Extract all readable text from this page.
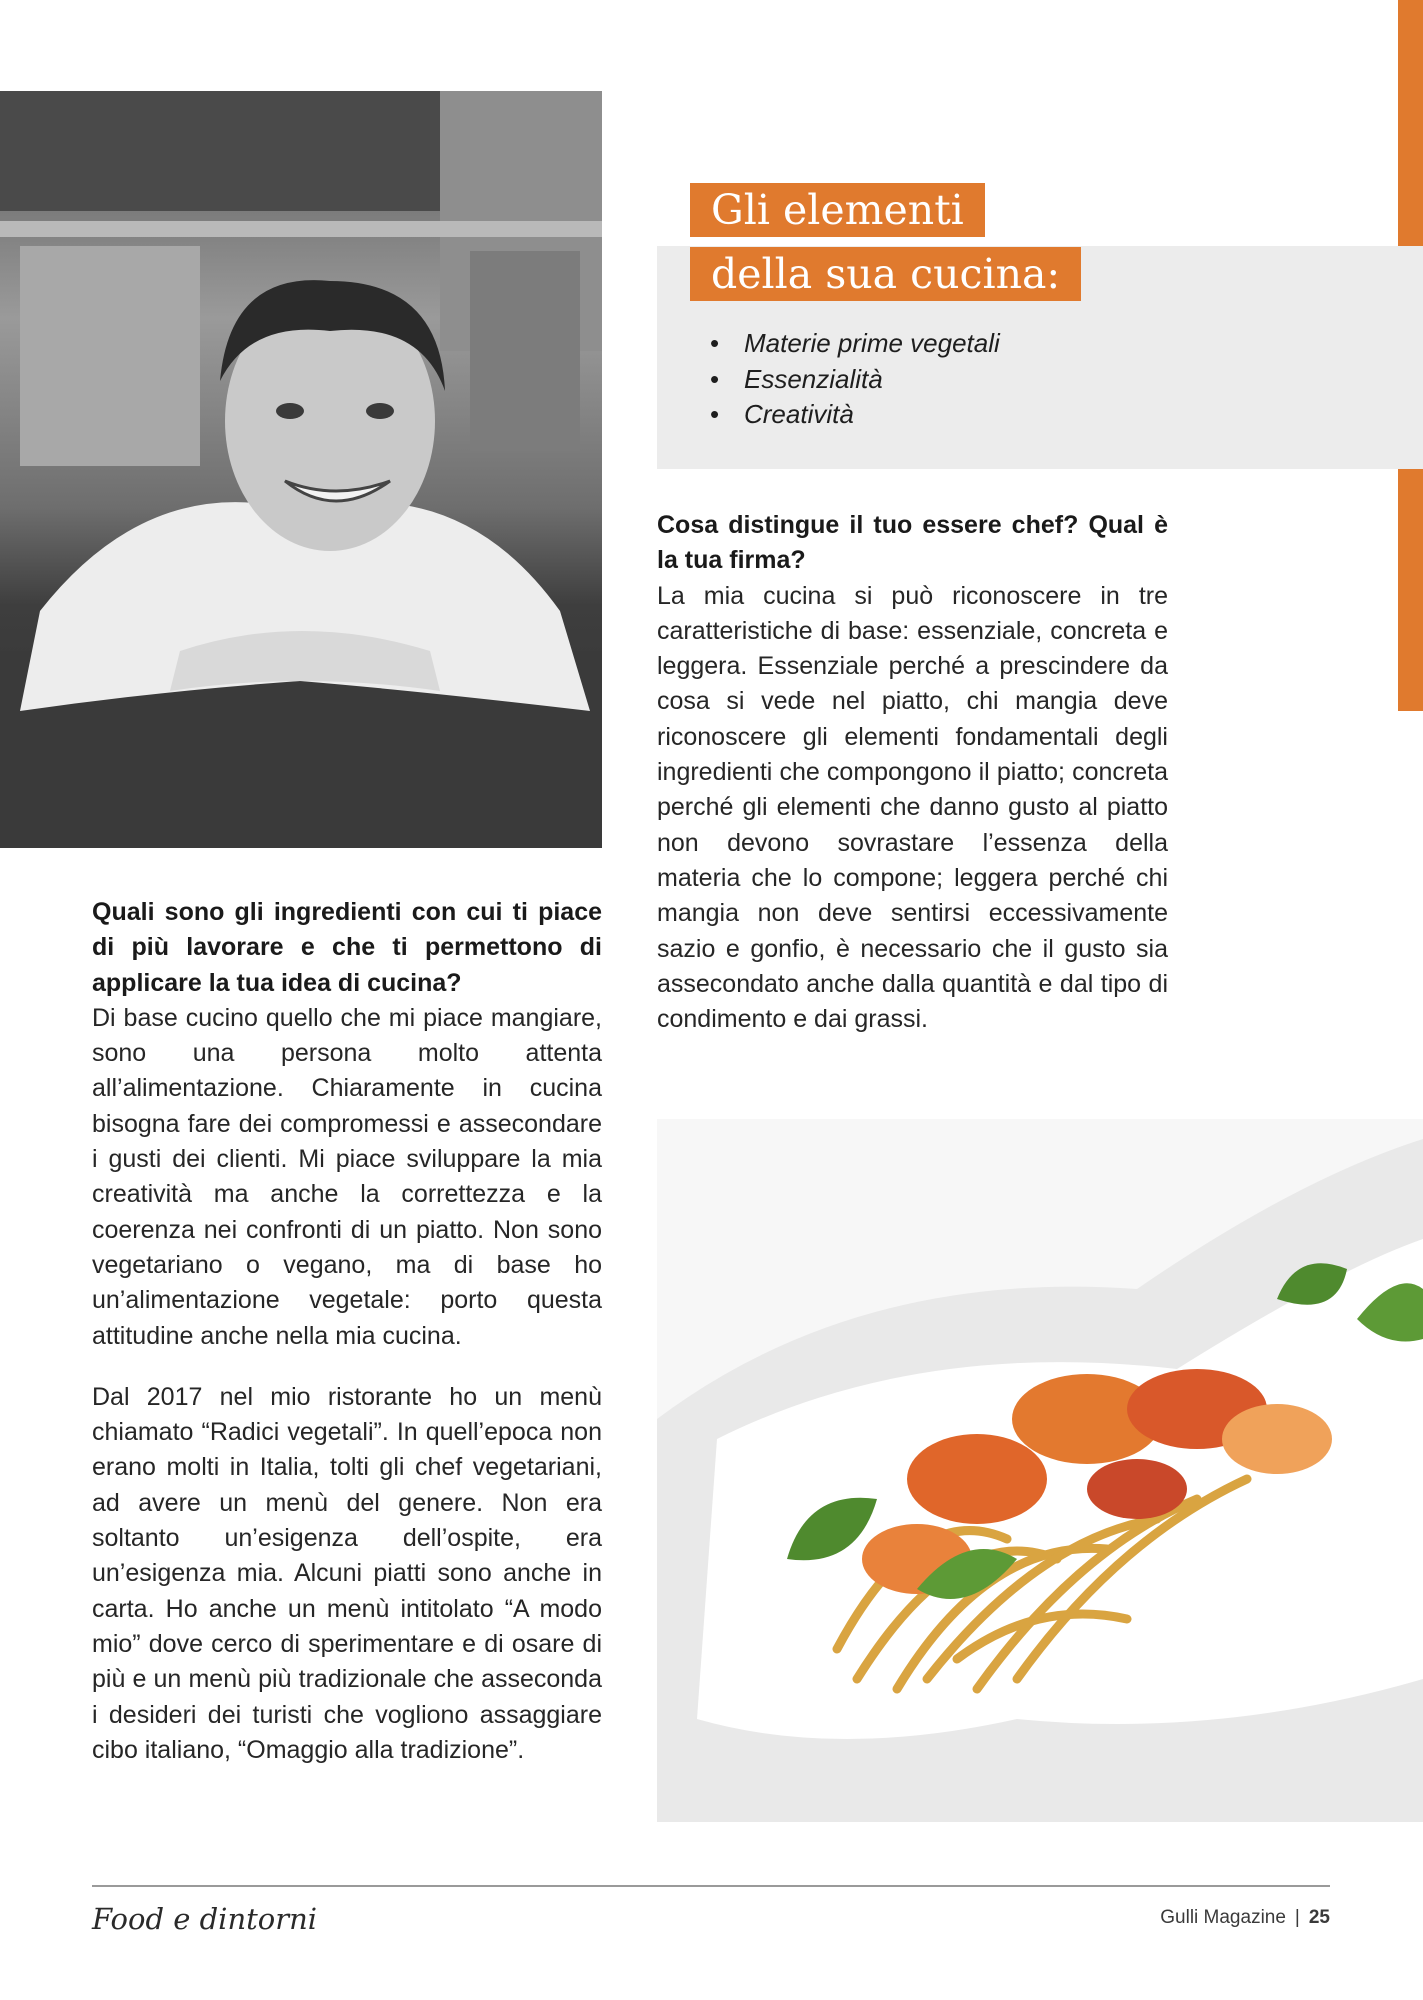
Gli elementi
della sua cucina:
• Materie prime vegetali
• Essenzialità
• Creatività
Cosa distingue il tuo essere chef? Qual è la tua firma?

La mia cucina si può riconoscere in tre caratteristiche di base: essenziale, concreta e leggera. Essenziale perché a prescindere da cosa si vede nel piatto, chi mangia deve riconoscere gli elementi fondamentali degli ingredienti che compongono il piatto; concreta perché gli elementi che danno gusto al piatto non devono sovrastare l’essenza della materia che lo compone; leggera perché chi mangia non deve sentirsi eccessivamente sazio e gonfio, è necessario che il gusto sia assecondato anche dalla quantità e dal tipo di condimento e dai grassi.

Quali sono gli ingredienti con cui ti piace di più lavorare e che ti permettono di applicare la tua idea di cucina?

Di base cucino quello che mi piace mangiare, sono una persona molto attenta all’alimentazione. Chiaramente in cucina bisogna fare dei compromessi e assecondare i gusti dei clienti. Mi piace sviluppare la mia creatività ma anche la correttezza e la coerenza nei confronti di un piatto. Non sono vegetariano o vegano, ma di base ho un’alimentazione vegetale: porto questa attitudine anche nella mia cucina.

Dal 2017 nel mio ristorante ho un menù chiamato “Radici vegetali”. In quell’epoca non erano molti in Italia, tolti gli chef vegetariani, ad avere un menù del genere. Non era soltanto un’esigenza dell’ospite, era un’esigenza mia. Alcuni piatti sono anche in carta. Ho anche un menù intitolato “A modo mio” dove cerco di sperimentare e di osare di più e un menù più tradizionale che asseconda i desideri dei turisti che vogliono assaggiare cibo italiano, “Omaggio alla tradizione”.

Food e dintorni	Gulli Magazine | 25
